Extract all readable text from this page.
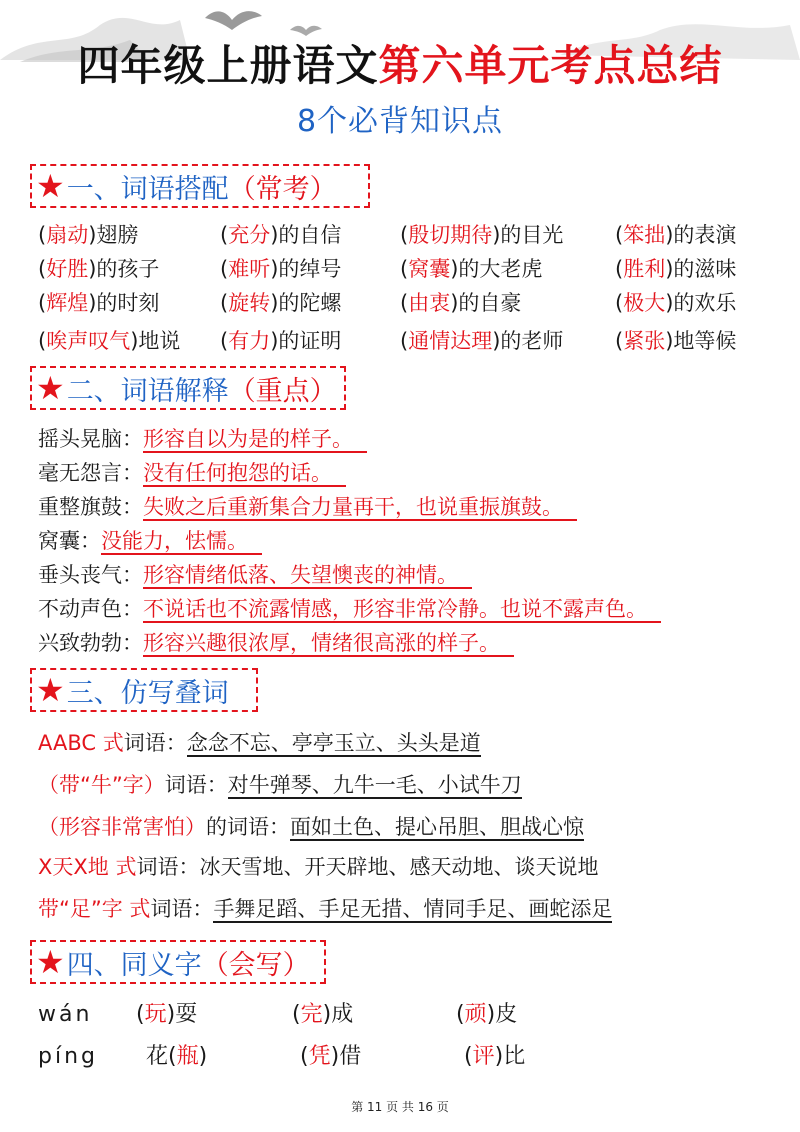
四年级上册语文第六单元考点总结
8个必背知识点
★ 一、词语搭配 （常考）
(扇动)翅膀	(充分)的自信	(殷切期待)的目光 (笨拙)的表演
(好胜)的孩子	(难听)的绰号	(窝囊)的大老虎	(胜利)的滋味
(辉煌)的时刻	(旋转)的陀螺	(由衷)的自豪	(极大)的欢乐
(唉声叹气)地说 (有力)的证明	(通情达理)的老师 (紧张)地等候
★ 二、词语解释 （重点）
摇头晃脑：形容自以为是的样子。
毫无怨言：没有任何抱怨的话。
重整旗鼓：失败之后重新集合力量再干，也说重振旗鼓。
窝囊：没能力，怯懦。
垂头丧气：形容情绪低落、失望懊丧的神情。
不动声色：不说话也不流露情感，形容非常冷静。也说不露声色。
兴致勃勃：形容兴趣很浓厚，情绪很高涨的样子。
★ 三、仿写叠词
AABC 式词语：念念不忘、亭亭玉立、头头是道
（带“牛”字）词语：对牛弹琴、九牛一毛、小试牛刀
（形容非常害怕）的词语：面如土色、提心吊胆、胆战心惊
X天X地 式词语：冰天雪地、开天辟地、感天动地、谈天说地
带“足”字 式词语：手舞足蹈、手足无措、情同手足、画蛇添足
★ 四、同义字 （会写）
wán (玩)耍	(完)成	(顽)皮
píng 花(瓶)	(凭)借	(评)比
第 11 页 共 16 页
